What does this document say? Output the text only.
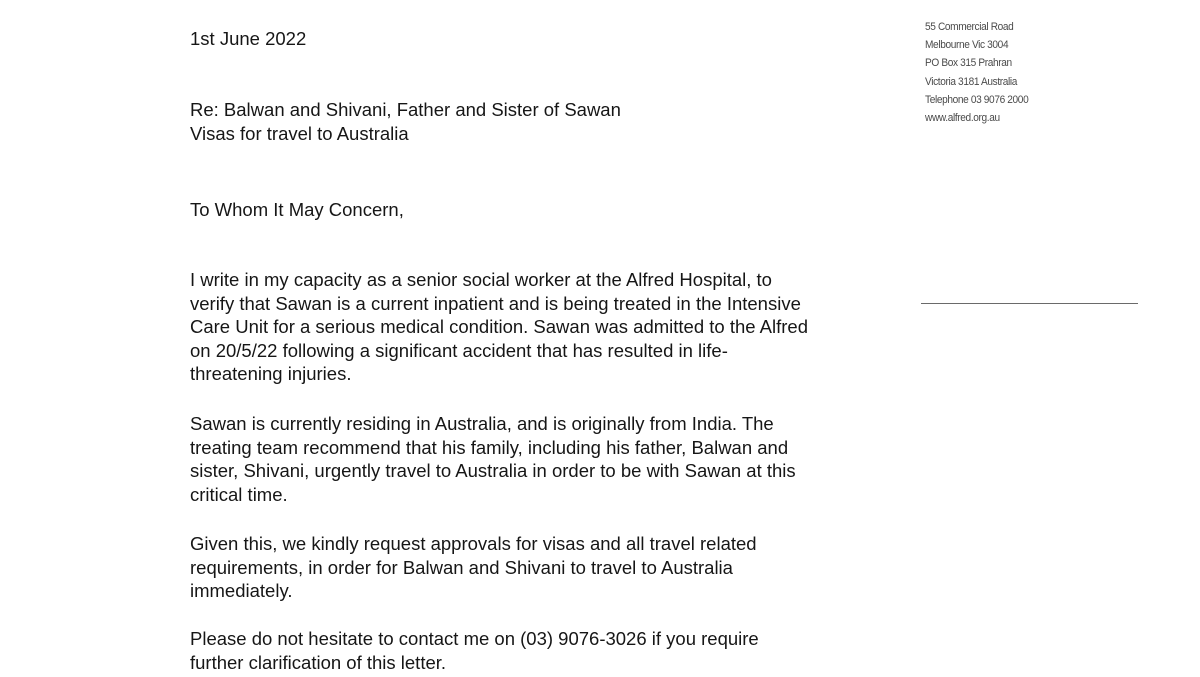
1st June 2022
Re: Balwan and Shivani, Father and Sister of Sawan
Visas for travel to Australia
To Whom It May Concern,
I write in my capacity as a senior social worker at the Alfred Hospital, to
verify that Sawan is a current inpatient and is being treated in the Intensive
Care Unit for a serious medical condition. Sawan was admitted to the Alfred
on 20/5/22 following a significant accident that has resulted in life-
threatening injuries.
Sawan is currently residing in Australia, and is originally from India. The
treating team recommend that his family, including his father, Balwan and
sister, Shivani, urgently travel to Australia in order to be with Sawan at this
critical time.
Given this, we kindly request approvals for visas and all travel related
requirements, in order for Balwan and Shivani to travel to Australia
immediately.
Please do not hesitate to contact me on (03) 9076-3026 if you require
further clarification of this letter.
55 Commercial Road
Melbourne Vic 3004
PO Box 315 Prahran
Victoria 3181 Australia
Telephone 03 9076 2000
www.alfred.org.au
